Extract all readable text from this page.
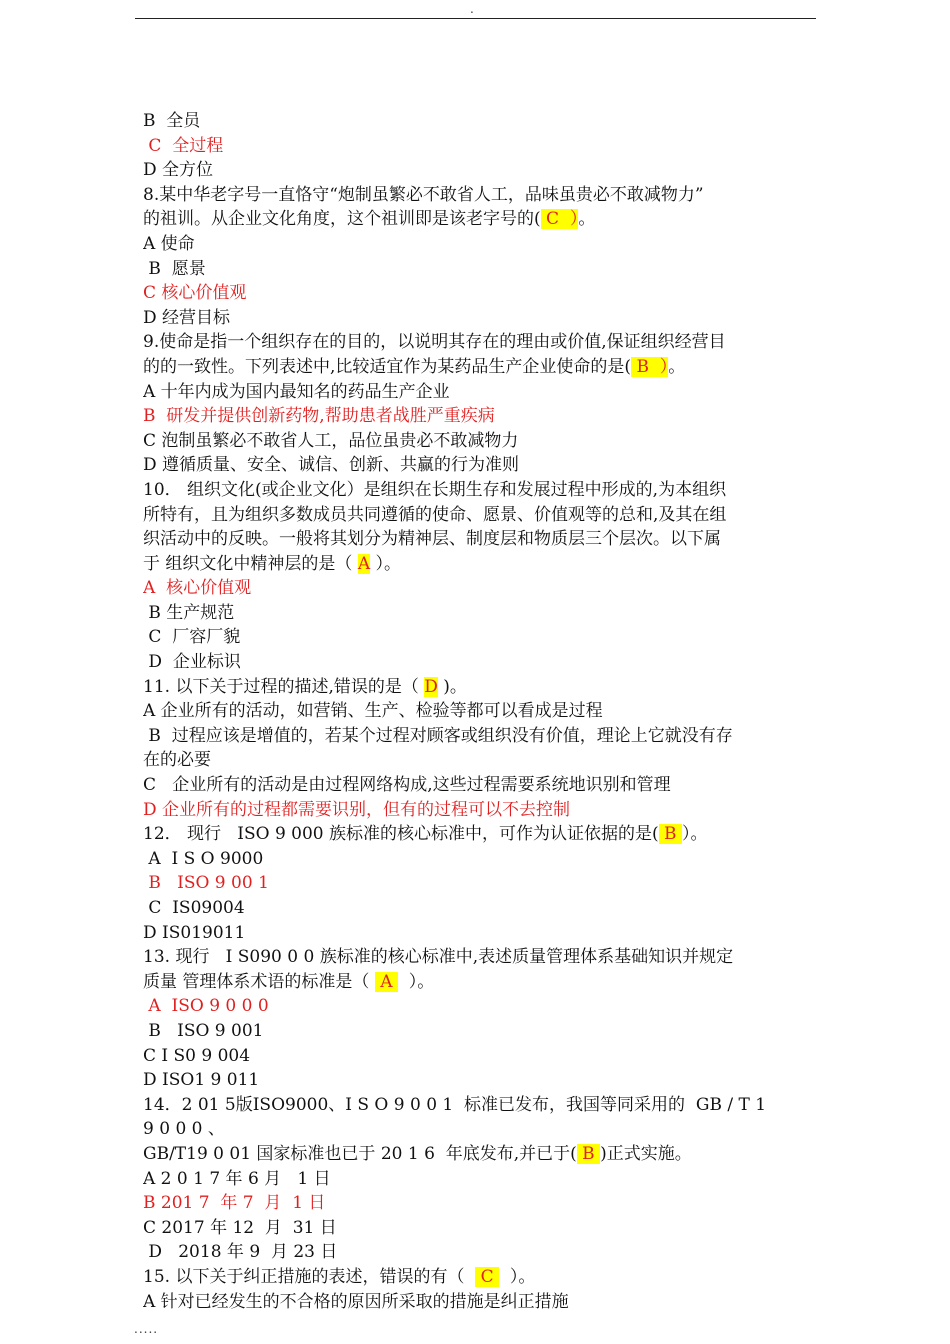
.
B  全员
C  全过程
D 全方位
8.某中华老字号一直恪守“炮制虽繁必不敢省人工，品味虽贵必不敢减物力”
的祖训。从企业文化角度，这个祖训即是该老字号的( C  ）。
A 使命
B  愿景
C 核心价值观
D 经营目标
9.使命是指一个组织存在的目的，以说明其存在的理由或价值,保证组织经营目
的的一致性。下列表述中,比较适宜作为某药品生产企业使命的是( B  ）。
A 十年内成为国内最知名的药品生产企业
B  研发并提供创新药物,帮助患者战胜严重疾病
C 泡制虽繁必不敢省人工，品位虽贵必不敢减物力
D 遵循质量、安全、诚信、创新、共赢的行为准则
10． 组织文化(或企业文化）是组织在长期生存和发展过程中形成的,为本组织
所特有，且为组织多数成员共同遵循的使命、愿景、价值观等的总和,及其在组
织活动中的反映。一般将其划分为精神层、制度层和物质层三个层次。以下属
于 组织文化中精神层的是（ A ）。
A  核心价值观
B 生产规范
C  厂容厂貌
D  企业标识
11. 以下关于过程的描述,错误的是（ D )。
A 企业所有的活动，如营销、生产、检验等都可以看成是过程
B  过程应该是增值的，若某个过程对顾客或组织没有价值，理论上它就没有存
在的必要
C   企业所有的活动是由过程网络构成,这些过程需要系统地识别和管理
D 企业所有的过程都需要识别，但有的过程可以不去控制
12． 现行   ISO 9 000 族标准的核心标准中，可作为认证依据的是( B ）。
A  I S O 9000
B   ISO 9 00 1
C  IS09004
D IS019011
13. 现行   I S090 0 0 族标准的核心标准中,表述质量管理体系基础知识并规定
质量 管理体系术语的标准是（  A   ）。
A  ISO 9 0 0 0
B   ISO 9 001
C I S0 9 004
D ISO1 9 011
14．2 01 5版ISO9000、I S O 9 0 0 1  标准已发布，我国等同采用的  GB / T 1
9 0 0 0 、
GB/T19 0 01 国家标准也已于 20 1 6  年底发布,并已于( B )正式实施。
A 2 0 1 7 年 6 月   1 日
B 201 7  年 7  月  1 日
C 2017 年 12  月  31 日
D   2018 年 9  月 23 日
15. 以下关于纠正措施的表述，错误的有（   C   ）。
A 针对已经发生的不合格的原因所采取的措施是纠正措施
.....
